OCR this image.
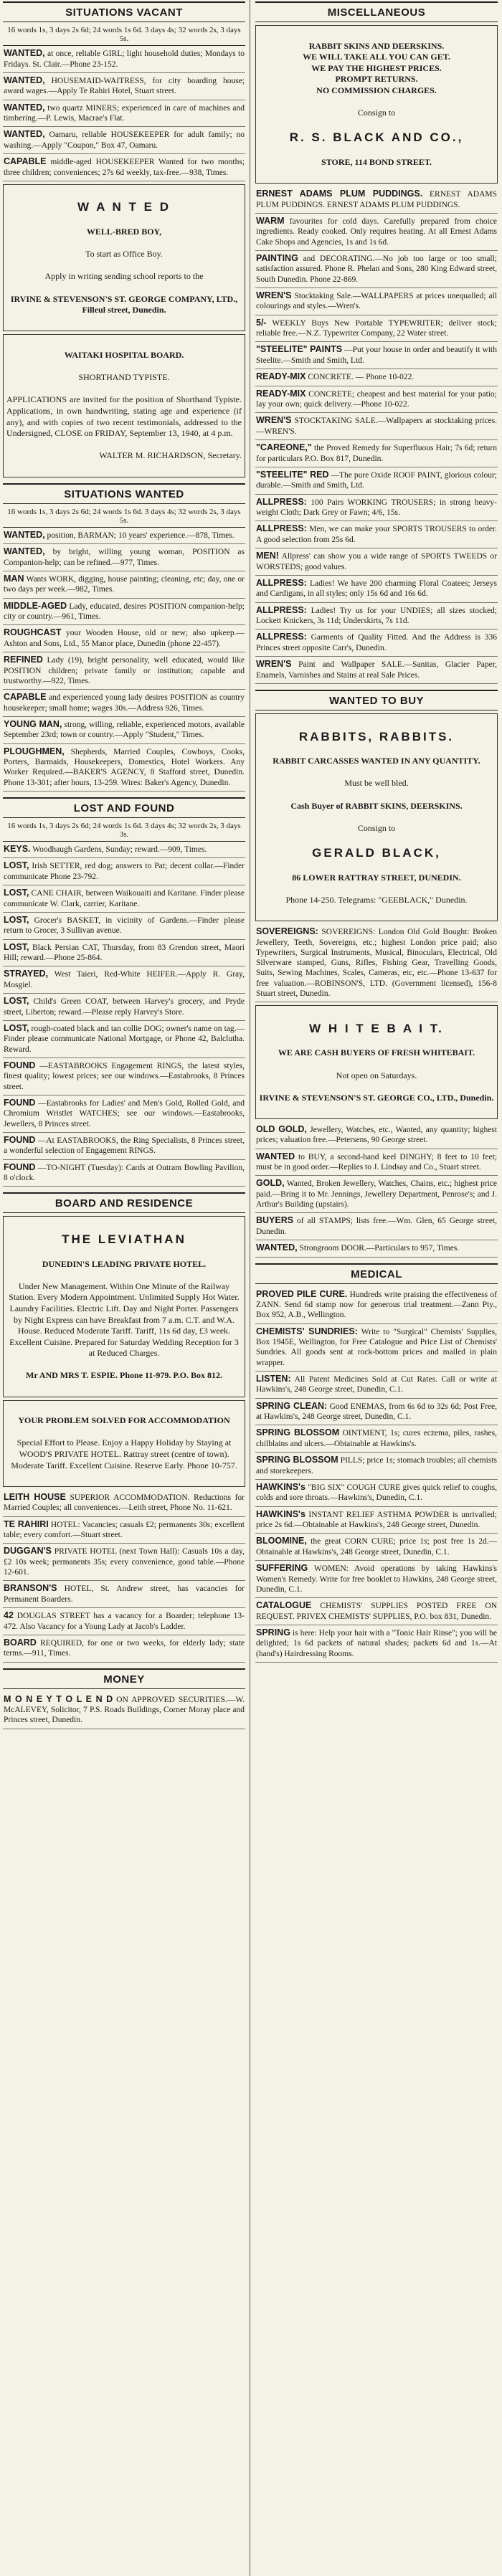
SITUATIONS VACANT
16 words 1s, 3 days 2s 6d; 24 words 1s 6d. 3 days 4s; 32 words 2s, 3 days 5s.
WANTED, at once, reliable GIRL; light household duties; Mondays to Fridays. St. Clair.—Phone 23-152.
WANTED, HOUSEMAID-WAITRESS, for city boarding house; award wages.—Apply Te Rahiri Hotel, Stuart street.
WANTED, two quartz MINERS; experienced in care of machines and timbering.—P. Lewis, Macrae's Flat.
WANTED, Oamaru, reliable HOUSEKEEPER for adult family; no washing.—Apply "Coupon," Box 47, Oamaru.
CAPABLE middle-aged HOUSEKEEPER Wanted for two months; three children; conveniences; 27s 6d weekly, tax-free.—938, Times.

W A N T E D

WELL-BRED BOY,

To start as Office Boy.

Apply in writing sending school reports to the

IRVINE & STEVENSON'S ST. GEORGE COMPANY, LTD., Filleul street, Dunedin.

WAITAKI HOSPITAL BOARD.

SHORTHAND TYPISTE.

APPLICATIONS are invited for the position of Shorthand Typiste. Applications, in own handwriting, stating age and experience (if any), and with copies of two recent testimonials, addressed to the Undersigned, CLOSE on FRIDAY, September 13, 1940, at 4 p.m.

WALTER M. RICHARDSON, Secretary.

SITUATIONS WANTED
16 words 1s, 3 days 2s 6d; 24 words 1s 6d. 3 days 4s; 32 words 2s, 3 days 5s.
WANTED, position, BARMAN; 10 years' experience.—878, Times.
WANTED, by bright, willing young woman, POSITION as Companion-help; can be refined.—977, Times.
MAN Wants WORK, digging, house painting; cleaning, etc; day, one or two days per week.—982, Times.
MIDDLE-AGED Lady, educated, desires POSITION companion-help; city or country.—961, Times.
ROUGHCAST your Wooden House, old or new; also upkeep.—Ashton and Sons, Ltd., 55 Manor place, Dunedin (phone 22-457).
REFINED Lady (19), bright personality, well educated, would like POSITION children; private family or institution; capable and trustworthy.—922, Times.
CAPABLE and experienced young lady desires POSITION as country housekeeper; small home; wages 30s.—Address 926, Times.
YOUNG MAN, strong, willing, reliable, experienced motors, available September 23rd; town or country.—Apply "Student," Times.
PLOUGHMEN, Shepherds, Married Couples, Cowboys, Cooks, Porters, Barmaids, Housekeepers, Domestics, Hotel Workers. Any Worker Required.—BAKER'S AGENCY, 8 Stafford street, Dunedin. Phone 13-301; after hours, 13-259. Wires: Baker's Agency, Dunedin.
LOST AND FOUND
16 words 1s, 3 days 2s 6d; 24 words 1s 6d. 3 days 4s; 32 words 2s, 3 days 3s.
KEYS. Woodhaugh Gardens, Sunday; reward.—909, Times.
LOST, Irish SETTER, red dog; answers to Pat; decent collar.—Finder communicate Phone 23-792.
LOST, CANE CHAIR, between Waikouaiti and Karitane. Finder please communicate W. Clark, carrier, Karitane.
LOST, Grocer's BASKET, in vicinity of Gardens.—Finder please return to Grocer, 3 Sullivan avenue.
LOST, Black Persian CAT, Thursday, from 83 Grendon street, Maori Hill; reward.—Phone 25-864.
STRAYED, West Taieri, Red-White HEIFER.—Apply R. Gray, Mosgiel.
LOST, Child's Green COAT, between Harvey's grocery, and Pryde street, Liberton; reward.—Please reply Harvey's Store.
LOST, rough-coated black and tan collie DOG; owner's name on tag.—Finder please communicate National Mortgage, or Phone 42, Balclutha. Reward.
FOUND —EASTABROOKS Engagement RINGS, the latest styles, finest quality; lowest prices; see our windows.—Eastabrooks, 8 Princes street.
FOUND —Eastabrooks for Ladies' and Men's Gold, Rolled Gold, and Chromium Wristlet WATCHES; see our windows.—Eastabrooks, Jewellers, 8 Princes street.
FOUND —At EASTABROOKS, the Ring Specialists, 8 Princes street, a wonderful selection of Engagement RINGS.
FOUND —TO-NIGHT (Tuesday): Cards at Outram Bowling Pavilion, 8 o'clock.
BOARD AND RESIDENCE

THE LEVIATHAN

DUNEDIN'S LEADING PRIVATE HOTEL.

Under New Management. Within One Minute of the Railway Station. Every Modern Appointment. Unlimited Supply Hot Water. Laundry Facilities. Electric Lift. Day and Night Porter. Passengers by Night Express can have Breakfast from 7 a.m. C.T. and W.A. House. Reduced Moderate Tariff. Tariff, 11s 6d day, £3 week. Excellent Cuisine. Prepared for Saturday Wedding Reception for 3 at Reduced Charges.

Mr AND MRS T. ESPIE. Phone 11-979. P.O. Box 812.

YOUR PROBLEM SOLVED FOR ACCOMMODATION

Special Effort to Please. Enjoy a Happy Holiday by Staying at WOOD'S PRIVATE HOTEL. Rattray street (centre of town). Moderate Tariff. Excellent Cuisine. Reserve Early. Phone 10-757.

LEITH HOUSE SUPERIOR ACCOMMODATION. Reductions for Married Couples; all conveniences.—Leith street, Phone No. 11-621.
TE RAHIRI HOTEL: Vacancies; casuals £2; permanents 30s; excellent table; every comfort.—Stuart street.
DUGGAN'S PRIVATE HOTEL (next Town Hall): Casuals 10s a day, £2 10s week; permanents 35s; every convenience, good table.—Phone 12-601.
BRANSON'S HOTEL, St. Andrew street, has vacancies for Permanent Boarders.
42 DOUGLAS STREET has a vacancy for a Boarder; telephone 13-472. Also Vacancy for a Young Lady at Jacob's Ladder.
BOARD REQUIRED, for one or two weeks, for elderly lady; state terms.—911, Times.
MONEY
M O N E Y T O L E N D ON APPROVED SECURITIES.—W. McALEVEY, Solicitor, 7 P.S. Roads Buildings, Corner Moray place and Princes street, Dunedin.
MISCELLANEOUS

RABBIT SKINS AND DEERSKINS.
WE WILL TAKE ALL YOU CAN GET.
WE PAY THE HIGHEST PRICES.
PROMPT RETURNS.
NO COMMISSION CHARGES.

Consign to

R. S. BLACK AND CO.,

STORE, 114 BOND STREET.

ERNEST ADAMS PLUM PUDDINGS. ERNEST ADAMS PLUM PUDDINGS. ERNEST ADAMS PLUM PUDDINGS.
WARM favourites for cold days. Carefully prepared from choice ingredients. Ready cooked. Only requires heating. At all Ernest Adams Cake Shops and Agencies, 1s and 1s 6d.
PAINTING and DECORATING.—No job too large or too small; satisfaction assured. Phone R. Phelan and Sons, 280 King Edward street, South Dunedin. Phone 22-869.
WREN'S Stocktaking Sale.—WALLPAPERS at prices unequalled; all colourings and styles.—Wren's.
5/- WEEKLY Buys New Portable TYPEWRITER; deliver stock; reliable free.—N.Z. Typewriter Company, 22 Water street.
"STEELITE" PAINTS —Put your house in order and beautify it with Steelite.—Smith and Smith, Ltd.
READY-MIX CONCRETE. — Phone 10-022.
READY-MIX CONCRETE; cheapest and best material for your patio; lay your own; quick delivery.—Phone 10-022.
WREN'S STOCKTAKING SALE.—Wallpapers at stocktaking prices.—WREN'S.
"CAREONE," the Proved Remedy for Superfluous Hair; 7s 6d; return for particulars P.O. Box 817, Dunedin.
"STEELITE" RED —The pure Oxide ROOF PAINT, glorious colour; durable.—Smith and Smith, Ltd.
ALLPRESS: 100 Pairs WORKING TROUSERS; in strong heavy-weight Cloth; Dark Grey or Fawn; 4/6, 15s.
ALLPRESS: Men, we can make your SPORTS TROUSERS to order. A good selection from 25s 6d.
MEN! Allpress' can show you a wide range of SPORTS TWEEDS or WORSTEDS; good values.
ALLPRESS: Ladies! We have 200 charming Floral Coatees; Jerseys and Cardigans, in all styles; only 15s 6d and 16s 6d.
ALLPRESS: Ladies! Try us for your UNDIES; all sizes stocked; Lockett Knickers, 3s 11d; Underskirts, 7s 11d.
ALLPRESS: Garments of Quality Fitted. And the Address is 336 Princes street opposite Carr's, Dunedin.
WREN'S Paint and Wallpaper SALE.—Sanitas, Glacier Paper, Enamels, Varnishes and Stains at real Sale Prices.
WANTED TO BUY

RABBITS, RABBITS.

RABBIT CARCASSES WANTED IN ANY QUANTITY.

Must be well bled.

Cash Buyer of RABBIT SKINS, DEERSKINS.

Consign to

GERALD BLACK,

86 LOWER RATTRAY STREET, DUNEDIN.

Phone 14-250. Telegrams: "GEEBLACK," Dunedin.

SOVEREIGNS: SOVEREIGNS: London Old Gold Bought: Broken Jewellery, Teeth, Sovereigns, etc.; highest London price paid; also Typewriters, Surgical Instruments, Musical, Binoculars, Electrical, Old Silverware stamped, Guns, Rifles, Fishing Gear, Travelling Goods, Suits, Sewing Machines, Scales, Cameras, etc, etc.—Phone 13-637 for free valuation.—ROBINSON'S, LTD. (Government licensed), 156-8 Stuart street, Dunedin.

W H I T E B A I T.

WE ARE CASH BUYERS OF FRESH WHITEBAIT.

Not open on Saturdays.

IRVINE & STEVENSON'S ST. GEORGE CO., LTD., Dunedin.

OLD GOLD, Jewellery, Watches, etc., Wanted, any quantity; highest prices; valuation free.—Petersens, 90 George street.
WANTED to BUY, a second-hand keel DINGHY; 8 feet to 10 feet; must be in good order.—Replies to J. Lindsay and Co., Stuart street.
GOLD, Wanted, Broken Jewellery, Watches, Chains, etc.; highest price paid.—Bring it to Mr. Jennings, Jewellery Department, Penrose's; and J. Arthur's Building (upstairs).
BUYERS of all STAMPS; lists free.—Wm. Glen, 65 George street, Dunedin.
WANTED, Strongroom DOOR.—Particulars to 957, Times.
MEDICAL
PROVED PILE CURE. Hundreds write praising the effectiveness of ZANN. Send 6d stamp now for generous trial treatment.—Zann Pty., Box 952, A.B., Wellington.
CHEMISTS' SUNDRIES: Write to "Surgical" Chemists' Supplies, Box 1945E, Wellington, for Free Catalogue and Price List of Chemists' Sundries. All goods sent at rock-bottom prices and mailed in plain wrapper.
LISTEN: All Patent Medicines Sold at Cut Rates. Call or write at Hawkins's, 248 George street, Dunedin, C.1.
SPRING CLEAN: Good ENEMAS, from 6s 6d to 32s 6d; Post Free, at Hawkins's, 248 George street, Dunedin, C.1.
SPRING BLOSSOM OINTMENT, 1s; cures eczema, piles, rashes, chilblains and ulcers.—Obtainable at Hawkins's.
SPRING BLOSSOM PILLS; price 1s; stomach troubles; all chemists and storekeepers.
HAWKINS's "BIG SIX" COUGH CURE gives quick relief to coughs, colds and sore throats.—Hawkins's, Dunedin, C.1.
HAWKINS's INSTANT RELIEF ASTHMA POWDER is unrivalled; price 2s 6d.—Obtainable at Hawkins's, 248 George street, Dunedin.
BLOOMINE, the great CORN CURE; price 1s; post free 1s 2d.—Obtainable at Hawkins's, 248 George street, Dunedin, C.1.
SUFFERING WOMEN: Avoid operations by taking Hawkins's Women's Remedy. Write for free booklet to Hawkins, 248 George street, Dunedin, C.1.
CATALOGUE CHEMISTS' SUPPLIES POSTED FREE ON REQUEST. PRIVEX CHEMISTS' SUPPLIES, P.O. box 831, Dunedin.
SPRING is here: Help your hair with a "Tonic Hair Rinse"; you will be delighted; 1s 6d packets of natural shades; packets 6d and 1s.—At (hand's) Hairdressing Rooms.
